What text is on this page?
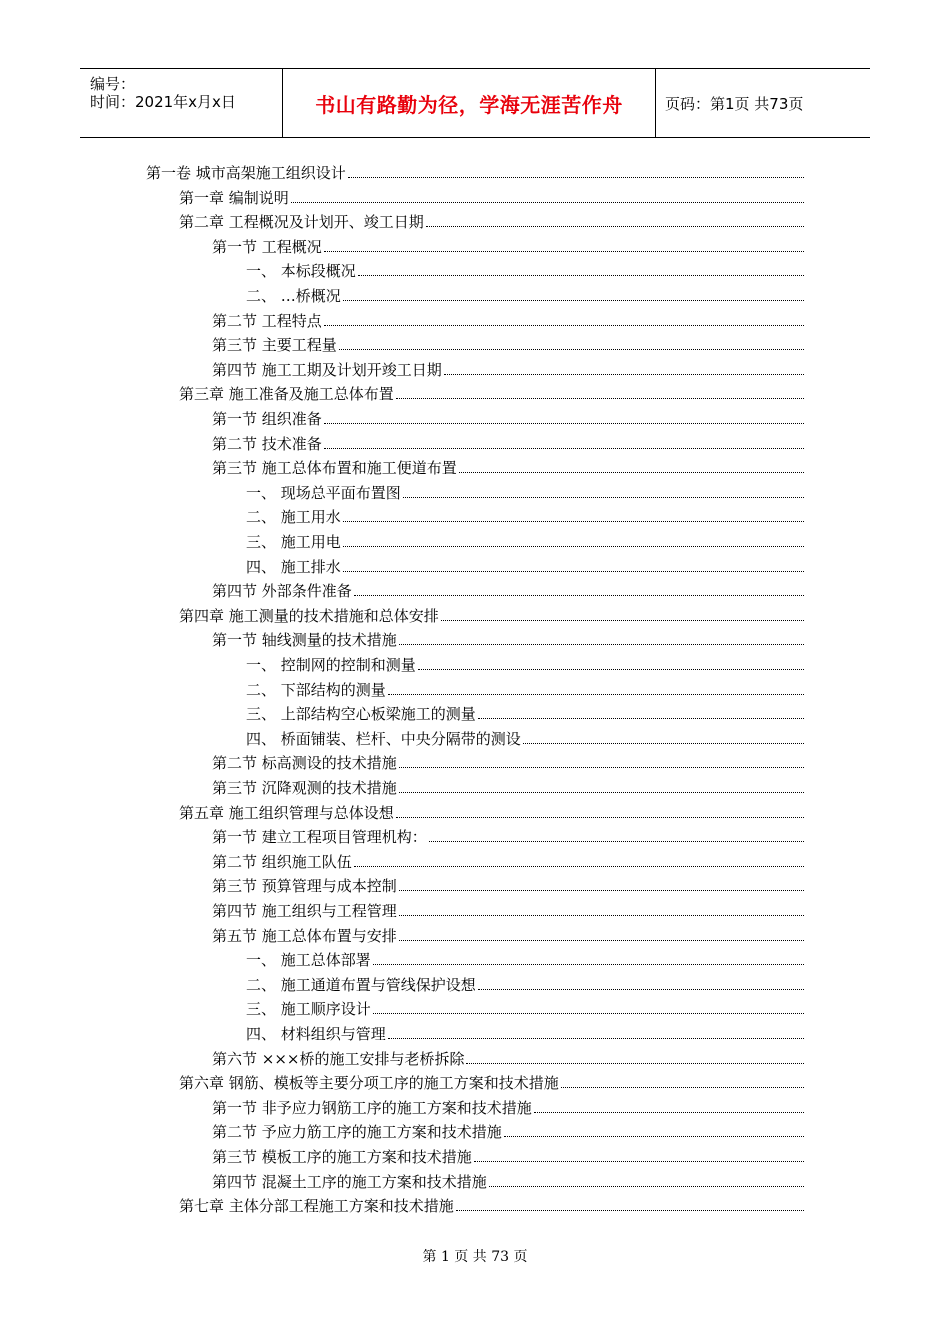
编号：
时间：2021年x月x日	书山有路勤为径，学海无涯苦作舟	页码：第1页 共73页
第一卷 城市高架施工组织设计
第一章 编制说明
第二章 工程概况及计划开、竣工日期
第一节 工程概况
一、 本标段概况
二、 …桥概况
第二节 工程特点
第三节 主要工程量
第四节 施工工期及计划开竣工日期
第三章 施工准备及施工总体布置
第一节 组织准备
第二节 技术准备
第三节 施工总体布置和施工便道布置
一、 现场总平面布置图
二、 施工用水
三、 施工用电
四、 施工排水
第四节 外部条件准备
第四章 施工测量的技术措施和总体安排
第一节 轴线测量的技术措施
一、 控制网的控制和测量
二、 下部结构的测量
三、 上部结构空心板梁施工的测量
四、 桥面铺装、栏杆、中央分隔带的测设
第二节 标高测设的技术措施
第三节 沉降观测的技术措施
第五章 施工组织管理与总体设想
第一节 建立工程项目管理机构：
第二节 组织施工队伍
第三节 预算管理与成本控制
第四节 施工组织与工程管理
第五节 施工总体布置与安排
一、 施工总体部署
二、 施工通道布置与管线保护设想
三、 施工顺序设计
四、 材料组织与管理
第六节 ×××桥的施工安排与老桥拆除
第六章 钢筋、模板等主要分项工序的施工方案和技术措施
第一节 非予应力钢筋工序的施工方案和技术措施
第二节 予应力筋工序的施工方案和技术措施
第三节 模板工序的施工方案和技术措施
第四节 混凝土工序的施工方案和技术措施
第七章 主体分部工程施工方案和技术措施
第 1 页 共 73 页
